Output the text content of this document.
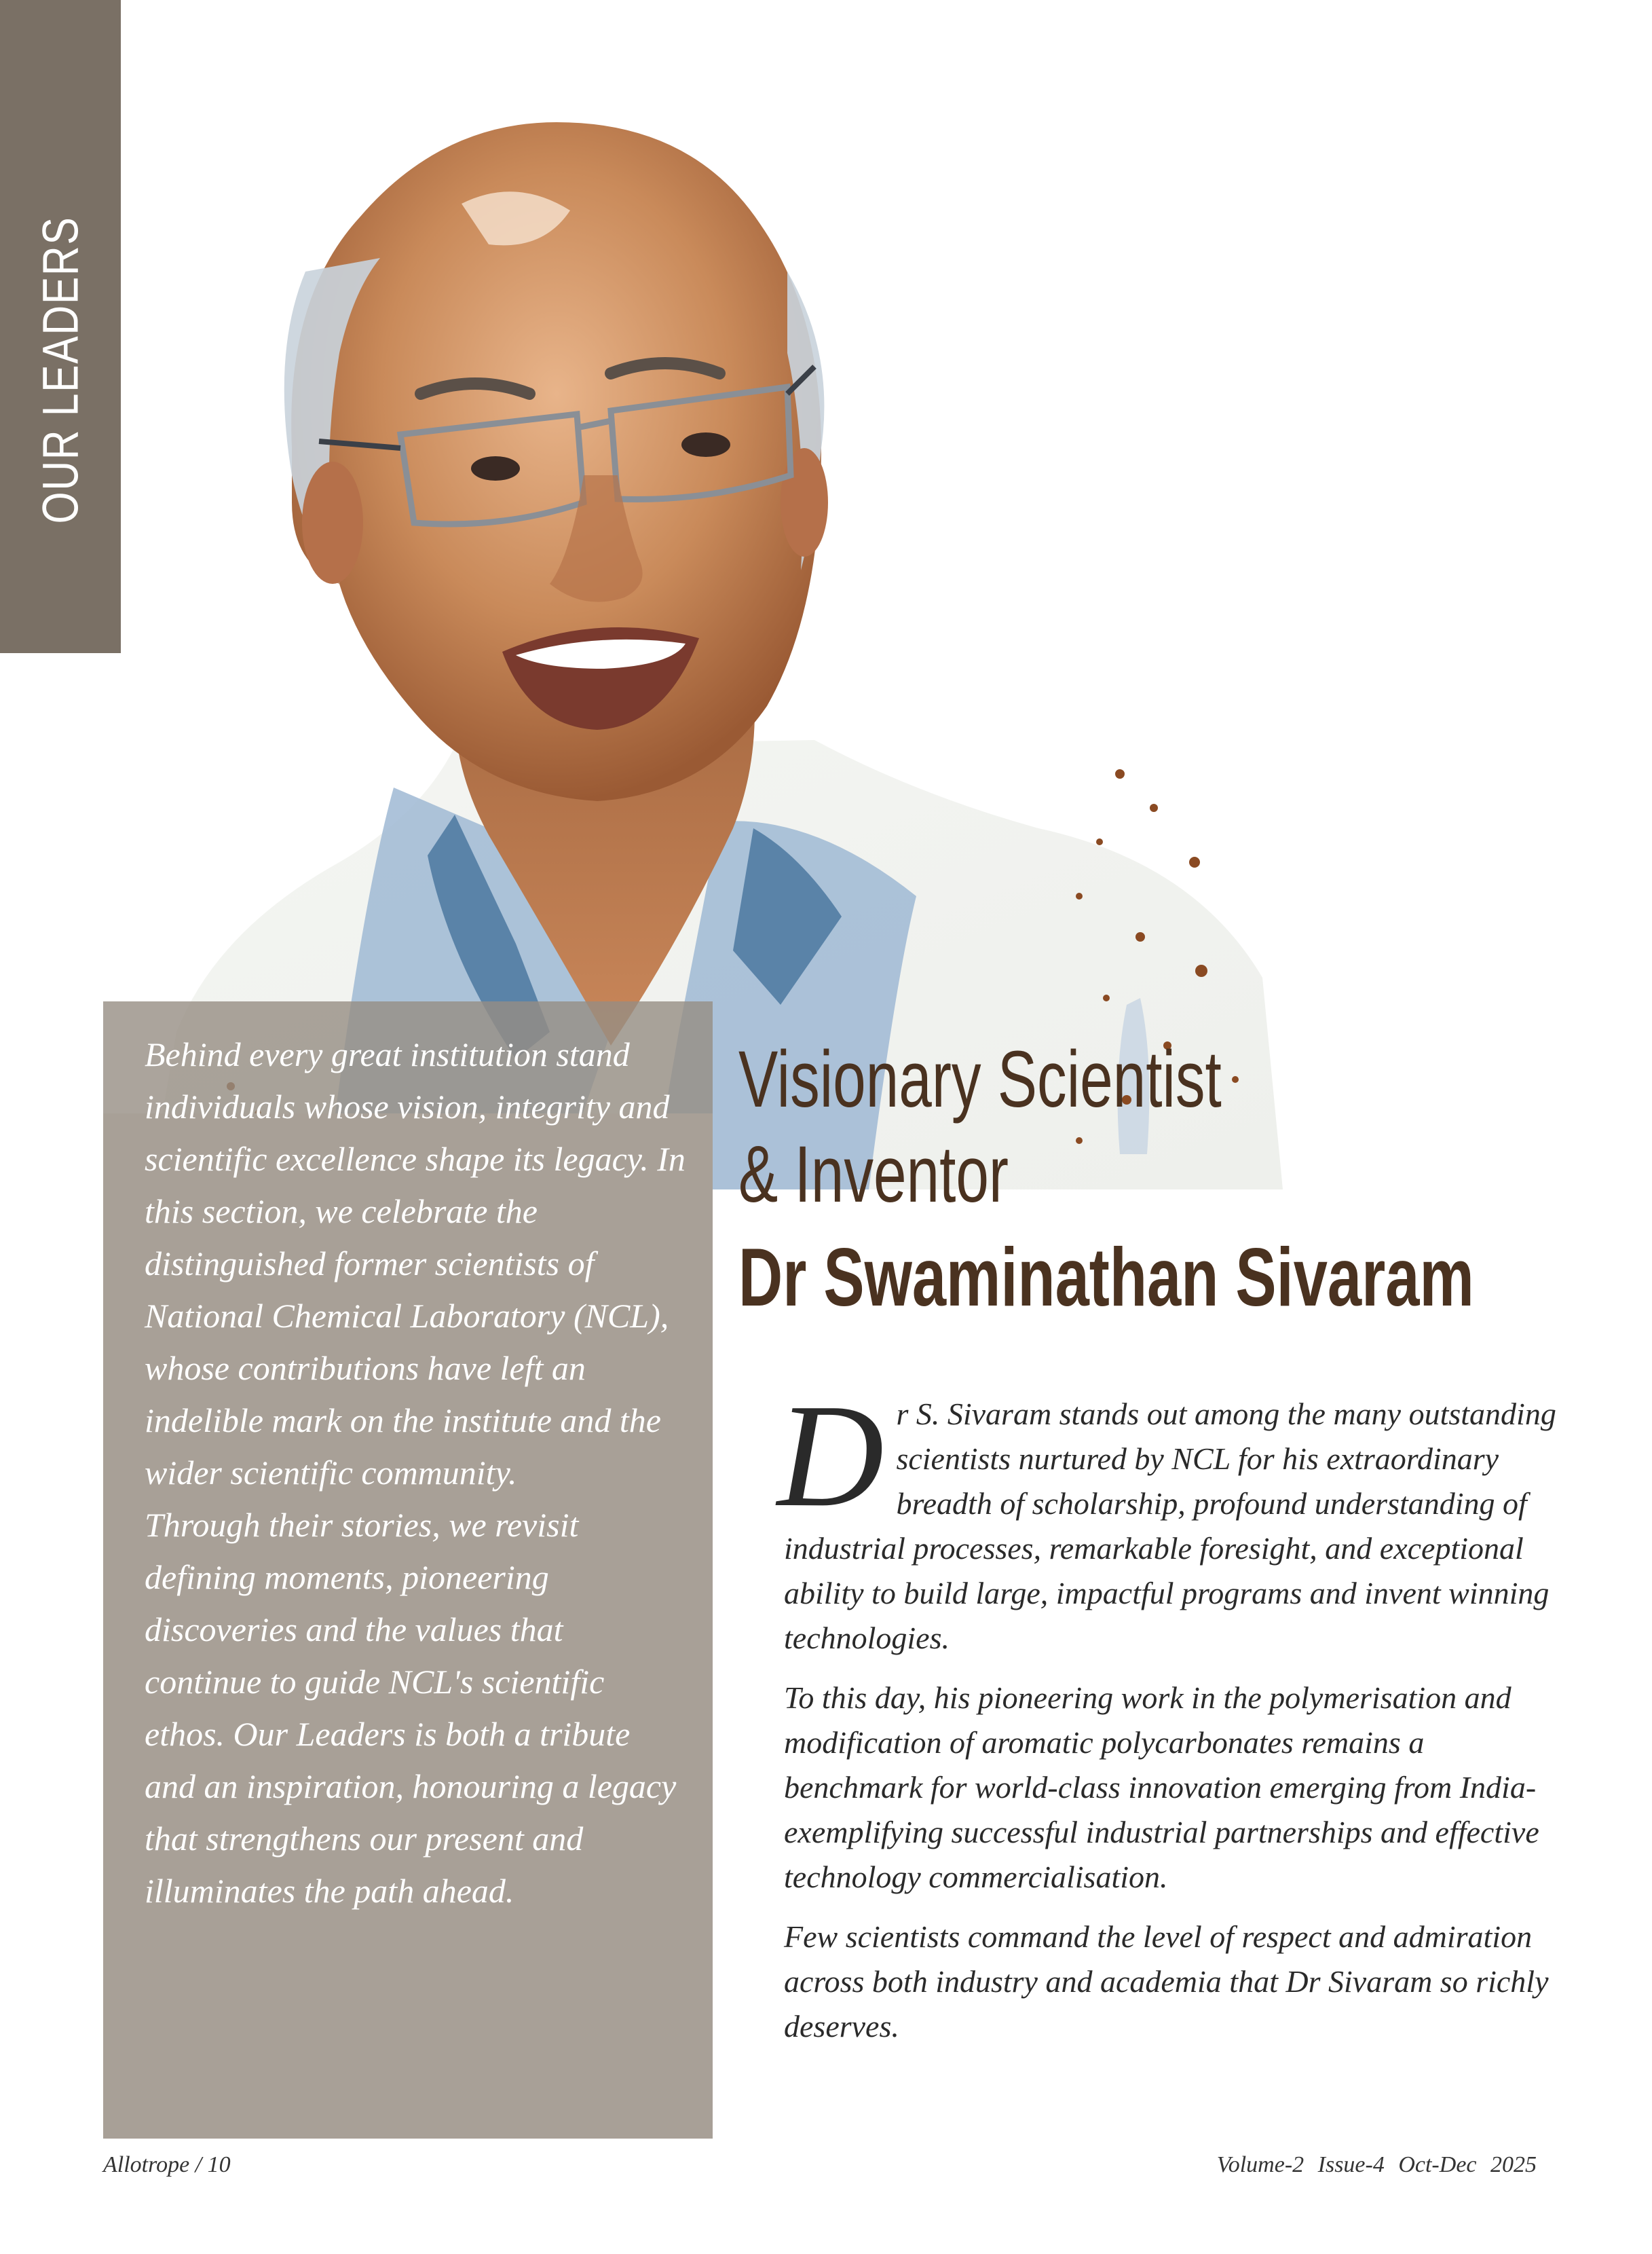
OUR LEADERS

Behind every great institution stand individuals whose vision, integrity and scientific excellence shape its legacy. In this section, we celebrate the distinguished former scientists of National Chemical Laboratory (NCL), whose contributions have left an indelible mark on the institute and the wider scientific community.

Through their stories, we revisit defining moments, pioneering discoveries and the values that continue to guide NCL's scientific ethos. Our Leaders is both a tribute and an inspiration, honouring a legacy that strengthens our present and illuminates the path ahead.

Visionary Scientist
& Inventor
Dr Swaminathan Sivaram

D r S. Sivaram stands out among the many outstanding scientists nurtured by NCL for his extraordinary breadth of scholarship, profound understanding of industrial processes, remarkable foresight, and exceptional ability to build large, impactful programs and invent winning technologies.

To this day, his pioneering work in the polymerisation and modification of aromatic polycarbonates remains a benchmark for world-class innovation emerging from India-exemplifying successful industrial partnerships and effective technology commercialisation.

Few scientists command the level of respect and admiration across both industry and academia that Dr Sivaram so richly deserves.

Allotrope / 10	Volume-2 Issue-4 Oct-Dec 2025
